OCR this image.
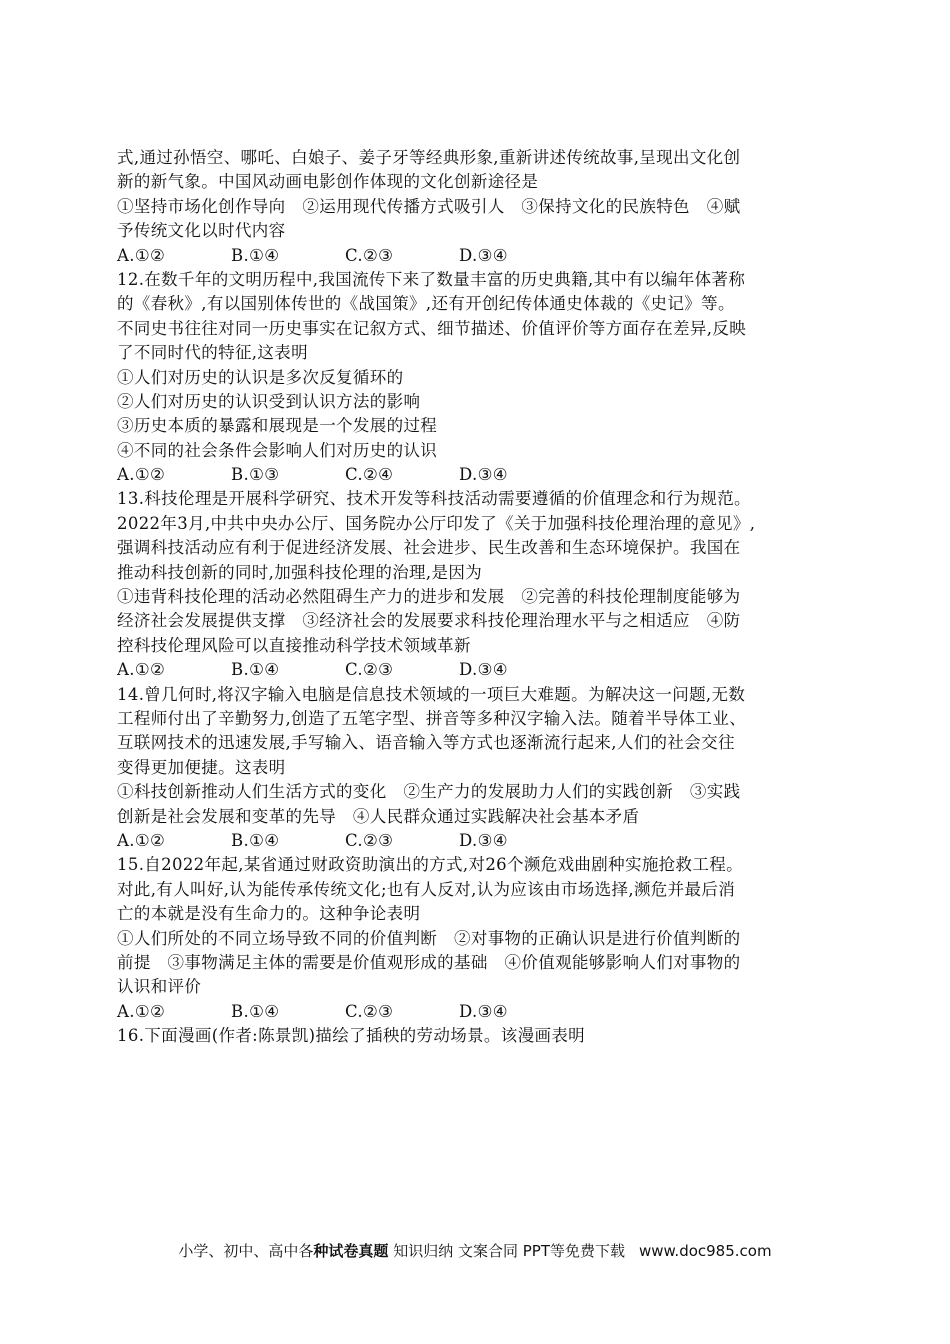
式,通过孙悟空、哪吒、白娘子、姜子牙等经典形象,重新讲述传统故事,呈现出文化创
新的新气象。中国风动画电影创作体现的文化创新途径是
①坚持市场化创作导向　②运用现代传播方式吸引人　③保持文化的民族特色　④赋
予传统文化以时代内容
A.①②	B.①④	C.②③	D.③④
12.在数千年的文明历程中,我国流传下来了数量丰富的历史典籍,其中有以编年体著称
的《春秋》,有以国别体传世的《战国策》,还有开创纪传体通史体裁的《史记》等。
不同史书往往对同一历史事实在记叙方式、细节描述、价值评价等方面存在差异,反映
了不同时代的特征,这表明
①人们对历史的认识是多次反复循环的
②人们对历史的认识受到认识方法的影响
③历史本质的暴露和展现是一个发展的过程
④不同的社会条件会影响人们对历史的认识
A.①②	B.①③	C.②④	D.③④
13.科技伦理是开展科学研究、技术开发等科技活动需要遵循的价值理念和行为规范。
2022年3月,中共中央办公厅、国务院办公厅印发了《关于加强科技伦理治理的意见》,
强调科技活动应有利于促进经济发展、社会进步、民生改善和生态环境保护。我国在
推动科技创新的同时,加强科技伦理的治理,是因为
①违背科技伦理的活动必然阻碍生产力的进步和发展　②完善的科技伦理制度能够为
经济社会发展提供支撑　③经济社会的发展要求科技伦理治理水平与之相适应　④防
控科技伦理风险可以直接推动科学技术领域革新
A.①②	B.①④	C.②③	D.③④
14.曾几何时,将汉字输入电脑是信息技术领域的一项巨大难题。为解决这一问题,无数
工程师付出了辛勤努力,创造了五笔字型、拼音等多种汉字输入法。随着半导体工业、
互联网技术的迅速发展,手写输入、语音输入等方式也逐渐流行起来,人们的社会交往
变得更加便捷。这表明
①科技创新推动人们生活方式的变化　②生产力的发展助力人们的实践创新　③实践
创新是社会发展和变革的先导　④人民群众通过实践解决社会基本矛盾
A.①②	B.①④	C.②③	D.③④
15.自2022年起,某省通过财政资助演出的方式,对26个濒危戏曲剧种实施抢救工程。
对此,有人叫好,认为能传承传统文化;也有人反对,认为应该由市场选择,濒危并最后消
亡的本就是没有生命力的。这种争论表明
①人们所处的不同立场导致不同的价值判断　②对事物的正确认识是进行价值判断的
前提　③事物满足主体的需要是价值观形成的基础　④价值观能够影响人们对事物的
认识和评价
A.①②	B.①④	C.②③	D.③④
16.下面漫画(作者:陈景凯)描绘了插秧的劳动场景。该漫画表明
小学、初中、高中各种试卷真题 知识归纳 文案合同 PPT等免费下载 www.doc985.com
